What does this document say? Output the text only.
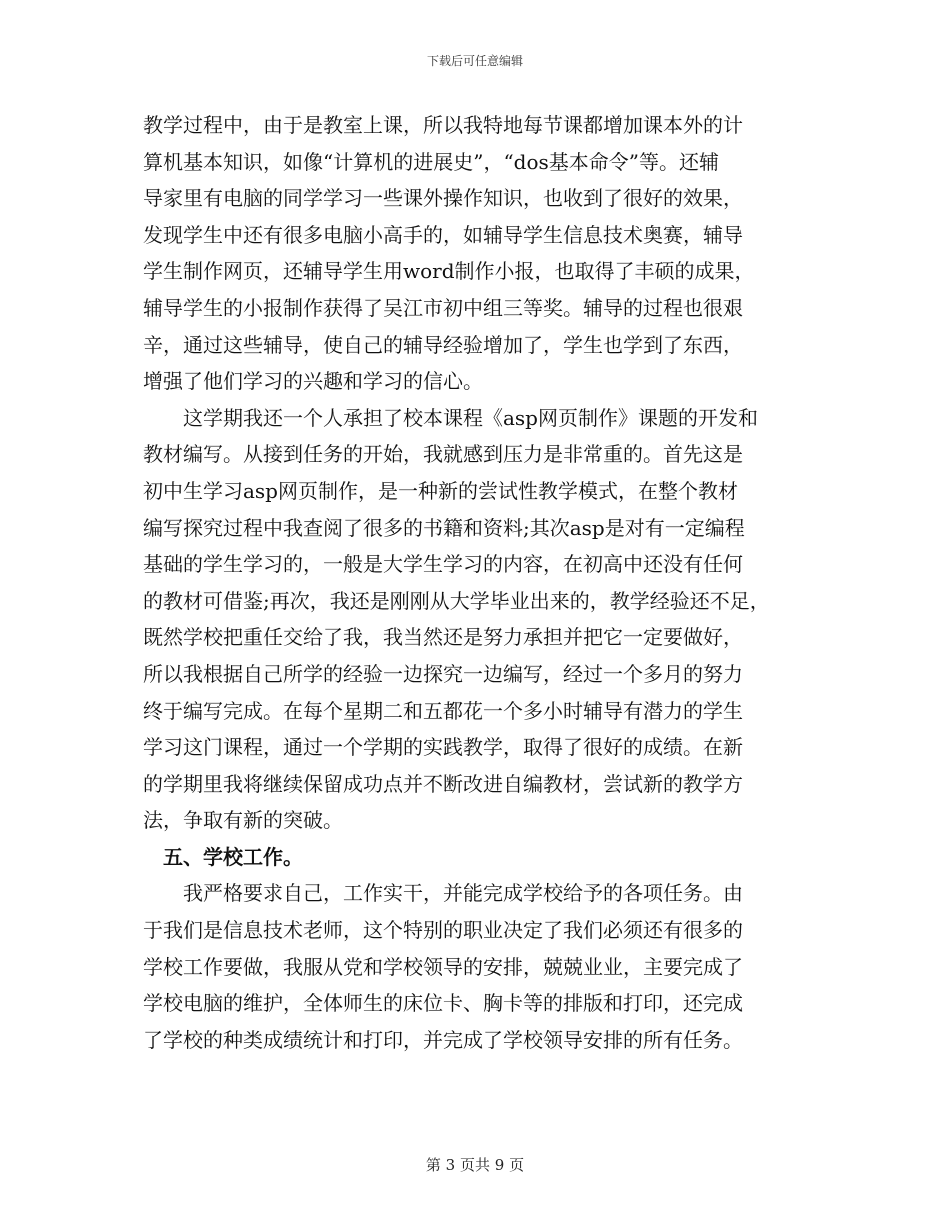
下载后可任意编辑
教学过程中，由于是教室上课，所以我特地每节课都增加课本外的计
算机基本知识，如像“计算机的进展史”，“dos基本命令”等。还辅
导家里有电脑的同学学习一些课外操作知识，也收到了很好的效果，
发现学生中还有很多电脑小高手的，如辅导学生信息技术奥赛，辅导
学生制作网页，还辅导学生用word制作小报，也取得了丰硕的成果，
辅导学生的小报制作获得了吴江市初中组三等奖。辅导的过程也很艰
辛，通过这些辅导，使自己的辅导经验增加了，学生也学到了东西，
增强了他们学习的兴趣和学习的信心。
　　这学期我还一个人承担了校本课程《asp网页制作》课题的开发和
教材编写。从接到任务的开始，我就感到压力是非常重的。首先这是
初中生学习asp网页制作，是一种新的尝试性教学模式，在整个教材
编写探究过程中我查阅了很多的书籍和资料;其次asp是对有一定编程
基础的学生学习的，一般是大学生学习的内容，在初高中还没有任何
的教材可借鉴;再次，我还是刚刚从大学毕业出来的，教学经验还不足，
既然学校把重任交给了我，我当然还是努力承担并把它一定要做好，
所以我根据自己所学的经验一边探究一边编写，经过一个多月的努力
终于编写完成。在每个星期二和五都花一个多小时辅导有潜力的学生
学习这门课程，通过一个学期的实践教学，取得了很好的成绩。在新
的学期里我将继续保留成功点并不断改进自编教材，尝试新的教学方
法，争取有新的突破。
五、学校工作。
　　我严格要求自己，工作实干，并能完成学校给予的各项任务。由
于我们是信息技术老师，这个特别的职业决定了我们必须还有很多的
学校工作要做，我服从党和学校领导的安排，兢兢业业，主要完成了
学校电脑的维护，全体师生的床位卡、胸卡等的排版和打印，还完成
了学校的种类成绩统计和打印，并完成了学校领导安排的所有任务。
第 3 页共 9 页
